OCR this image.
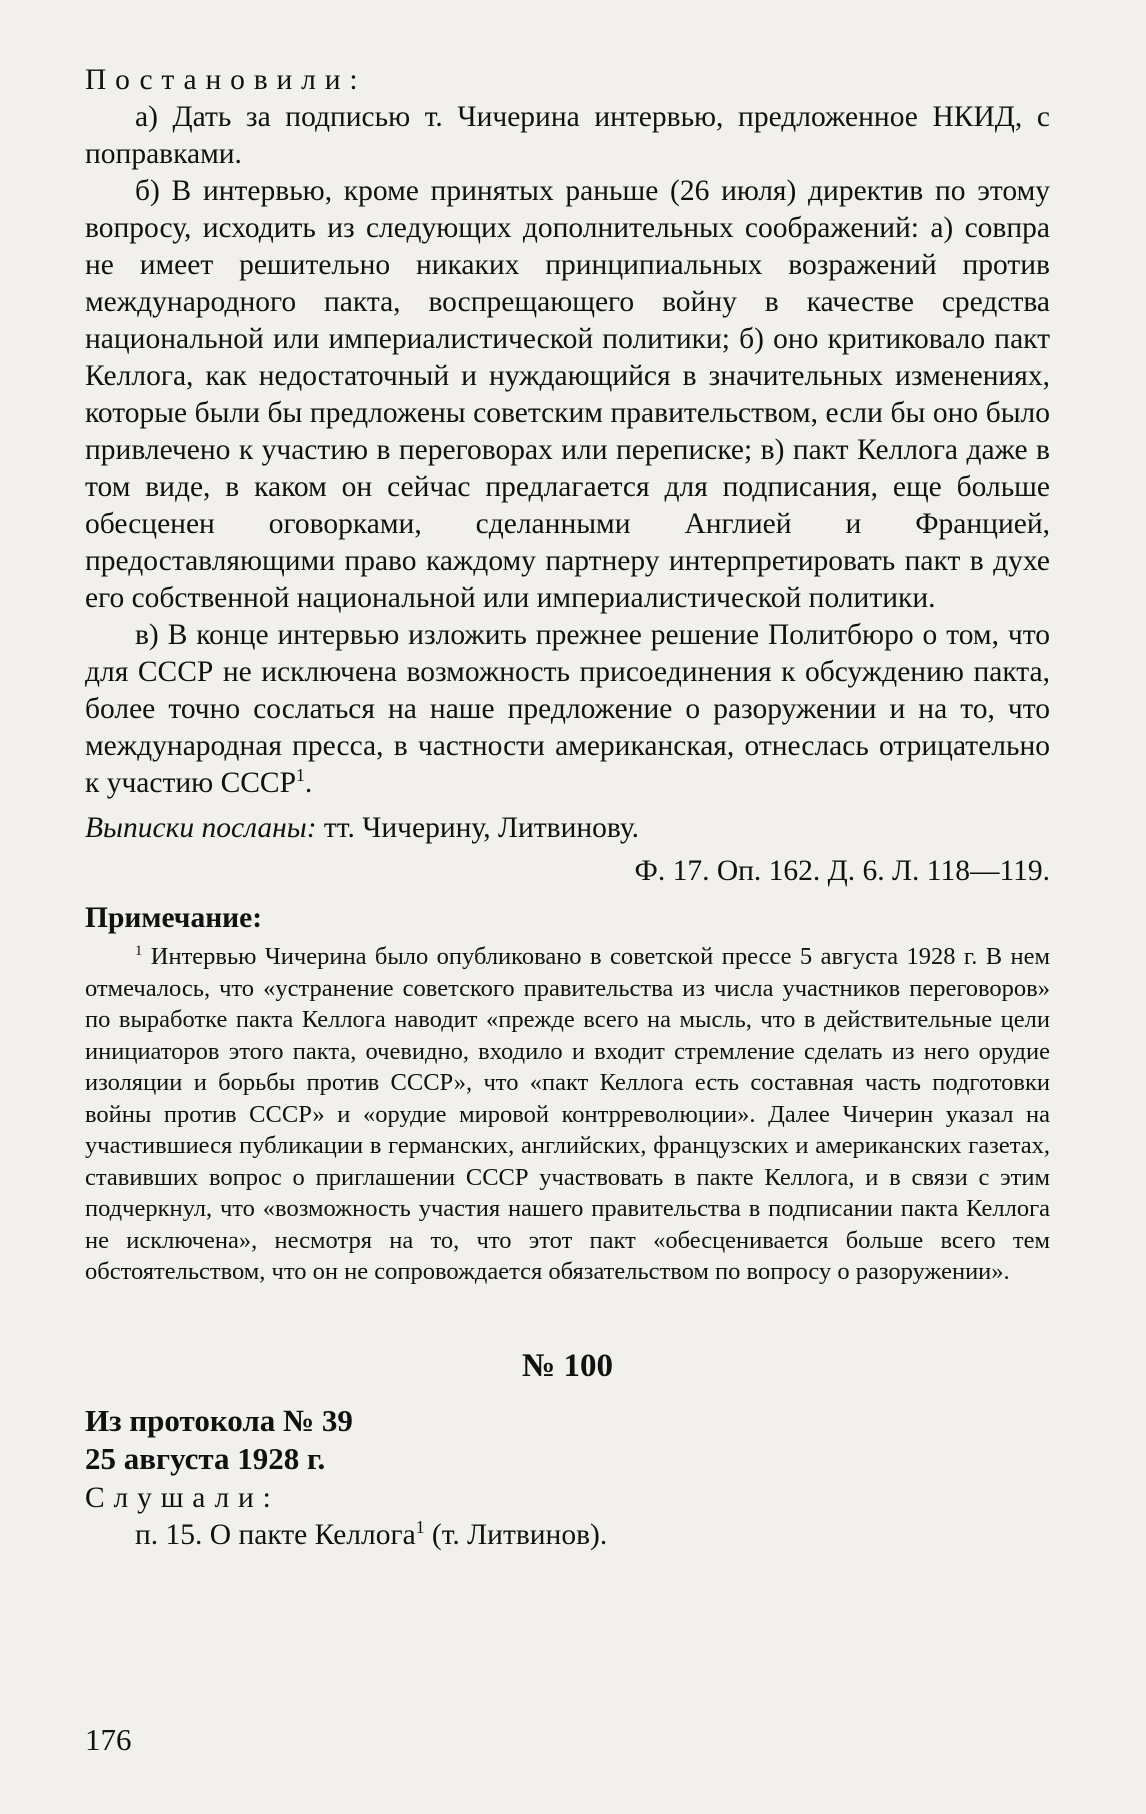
Постановили:

а) Дать за подписью т. Чичерина интервью, предложенное НКИД, с поправками.

б) В интервью, кроме принятых раньше (26 июля) директив по этому вопросу, исходить из следующих дополнительных соображений: а) совпра не имеет решительно никаких принципиальных возражений против международного пакта, воспрещающего войну в качестве средства национальной или империалистической политики; б) оно критиковало пакт Келлога, как недостаточный и нуждающийся в значительных изменениях, которые были бы предложены советским правительством, если бы оно было привлечено к участию в переговорах или переписке; в) пакт Келлога даже в том виде, в каком он сейчас предлагается для подписания, еще больше обесценен оговорками, сделанными Англией и Францией, предоставляющими право каждому партнеру интерпретировать пакт в духе его собственной национальной или империалистической политики.

в) В конце интервью изложить прежнее решение Политбюро о том, что для СССР не исключена возможность присоединения к обсуждению пакта, более точно сослаться на наше предложение о разоружении и на то, что международная пресса, в частности американская, отнеслась отрицательно к участию СССР$^1$.

Выписки посланы: тт. Чичерину, Литвинову.

Ф. 17. Оп. 162. Д. 6. Л. 118—119.

Примечание:

$^1$ Интервью Чичерина было опубликовано в советской прессе 5 августа 1928 г. В нем отмечалось, что «устранение советского правительства из числа участников переговоров» по выработке пакта Келлога наводит «прежде всего на мысль, что в действительные цели инициаторов этого пакта, очевидно, входило и входит стремление сделать из него орудие изоляции и борьбы против СССР», что «пакт Келлога есть составная часть подготовки войны против СССР» и «орудие мировой контрреволюции». Далее Чичерин указал на участившиеся публикации в германских, английских, французских и американских газетах, ставивших вопрос о приглашении СССР участвовать в пакте Келлога, и в связи с этим подчеркнул, что «возможность участия нашего правительства в подписании пакта Келлога не исключена», несмотря на то, что этот пакт «обесценивается больше всего тем обстоятельством, что он не сопровождается обязательством по вопросу о разоружении».

№ 100

Из протокола № 39

25 августа 1928 г.

Слушали:

п. 15. О пакте Келлога$^1$ (т. Литвинов).

176
